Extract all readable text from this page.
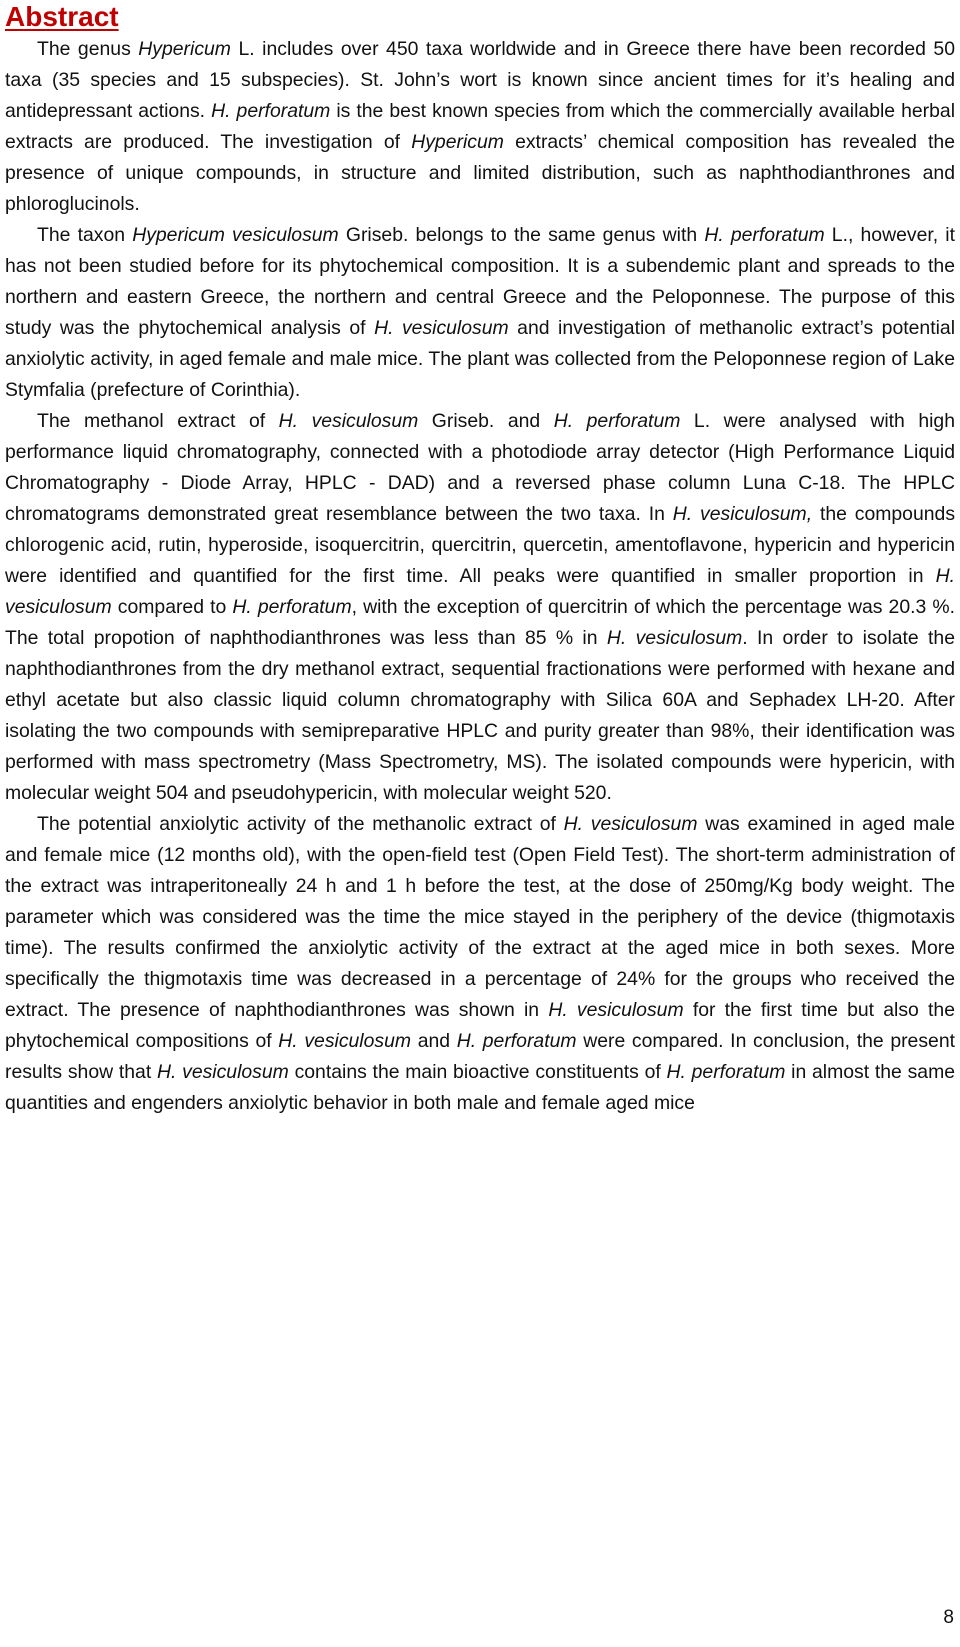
Abstract

The genus Hypericum L. includes over 450 taxa worldwide and in Greece there have been recorded 50 taxa (35 species and 15 subspecies). St. John’s wort is known since ancient times for it’s healing and antidepressant actions. H. perforatum is the best known species from which the commercially available herbal extracts are produced. The investigation of Hypericum extracts’ chemical composition has revealed the presence of unique compounds, in structure and limited distribution, such as naphthodianthrones and phloroglucinols.

The taxon Hypericum vesiculosum Griseb. belongs to the same genus with H. perforatum L., however, it has not been studied before for its phytochemical composition. It is a subendemic plant and spreads to the northern and eastern Greece, the northern and central Greece and the Peloponnese. The purpose of this study was the phytochemical analysis of H. vesiculosum and investigation of methanolic extract’s potential anxiolytic activity, in aged female and male mice. The plant was collected from the Peloponnese region of Lake Stymfalia (prefecture of Corinthia).

The methanol extract of H. vesiculosum Griseb. and H. perforatum L. were analysed with high performance liquid chromatography, connected with a photodiode array detector (High Performance Liquid Chromatography - Diode Array, HPLC - DAD) and a reversed phase column Luna C-18. The HPLC chromatograms demonstrated great resemblance between the two taxa. In H. vesiculosum, the compounds chlorogenic acid, rutin, hyperoside, isoquercitrin, quercitrin, quercetin, amentoflavone, hypericin and hypericin were identified and quantified for the first time. All peaks were quantified in smaller proportion in H. vesiculosum compared to H. perforatum, with the exception of quercitrin of which the percentage was 20.3 %. The total propotion of naphthodianthrones was less than 85 % in H. vesiculosum. In order to isolate the naphthodianthrones from the dry methanol extract, sequential fractionations were performed with hexane and ethyl acetate but also classic liquid column chromatography with Silica 60A and Sephadex LH-20. After isolating the two compounds with semipreparative HPLC and purity greater than 98%, their identification was performed with mass spectrometry (Mass Spectrometry, MS). The isolated compounds were hypericin, with molecular weight 504 and pseudohypericin, with molecular weight 520.

The potential anxiolytic activity of the methanolic extract of H. vesiculosum was examined in aged male and female mice (12 months old), with the open-field test (Open Field Test). The short-term administration of the extract was intraperitoneally 24 h and 1 h before the test, at the dose of 250mg/Kg body weight. The parameter which was considered was the time the mice stayed in the periphery of the device (thigmotaxis time). The results confirmed the anxiolytic activity of the extract at the aged mice in both sexes. More specifically the thigmotaxis time was decreased in a percentage of 24% for the groups who received the extract. The presence of naphthodianthrones was shown in H. vesiculosum for the first time but also the phytochemical compositions of H. vesiculosum and H. perforatum were compared. In conclusion, the present results show that H. vesiculosum contains the main bioactive constituents of H. perforatum in almost the same quantities and engenders anxiolytic behavior in both male and female aged mice

8
